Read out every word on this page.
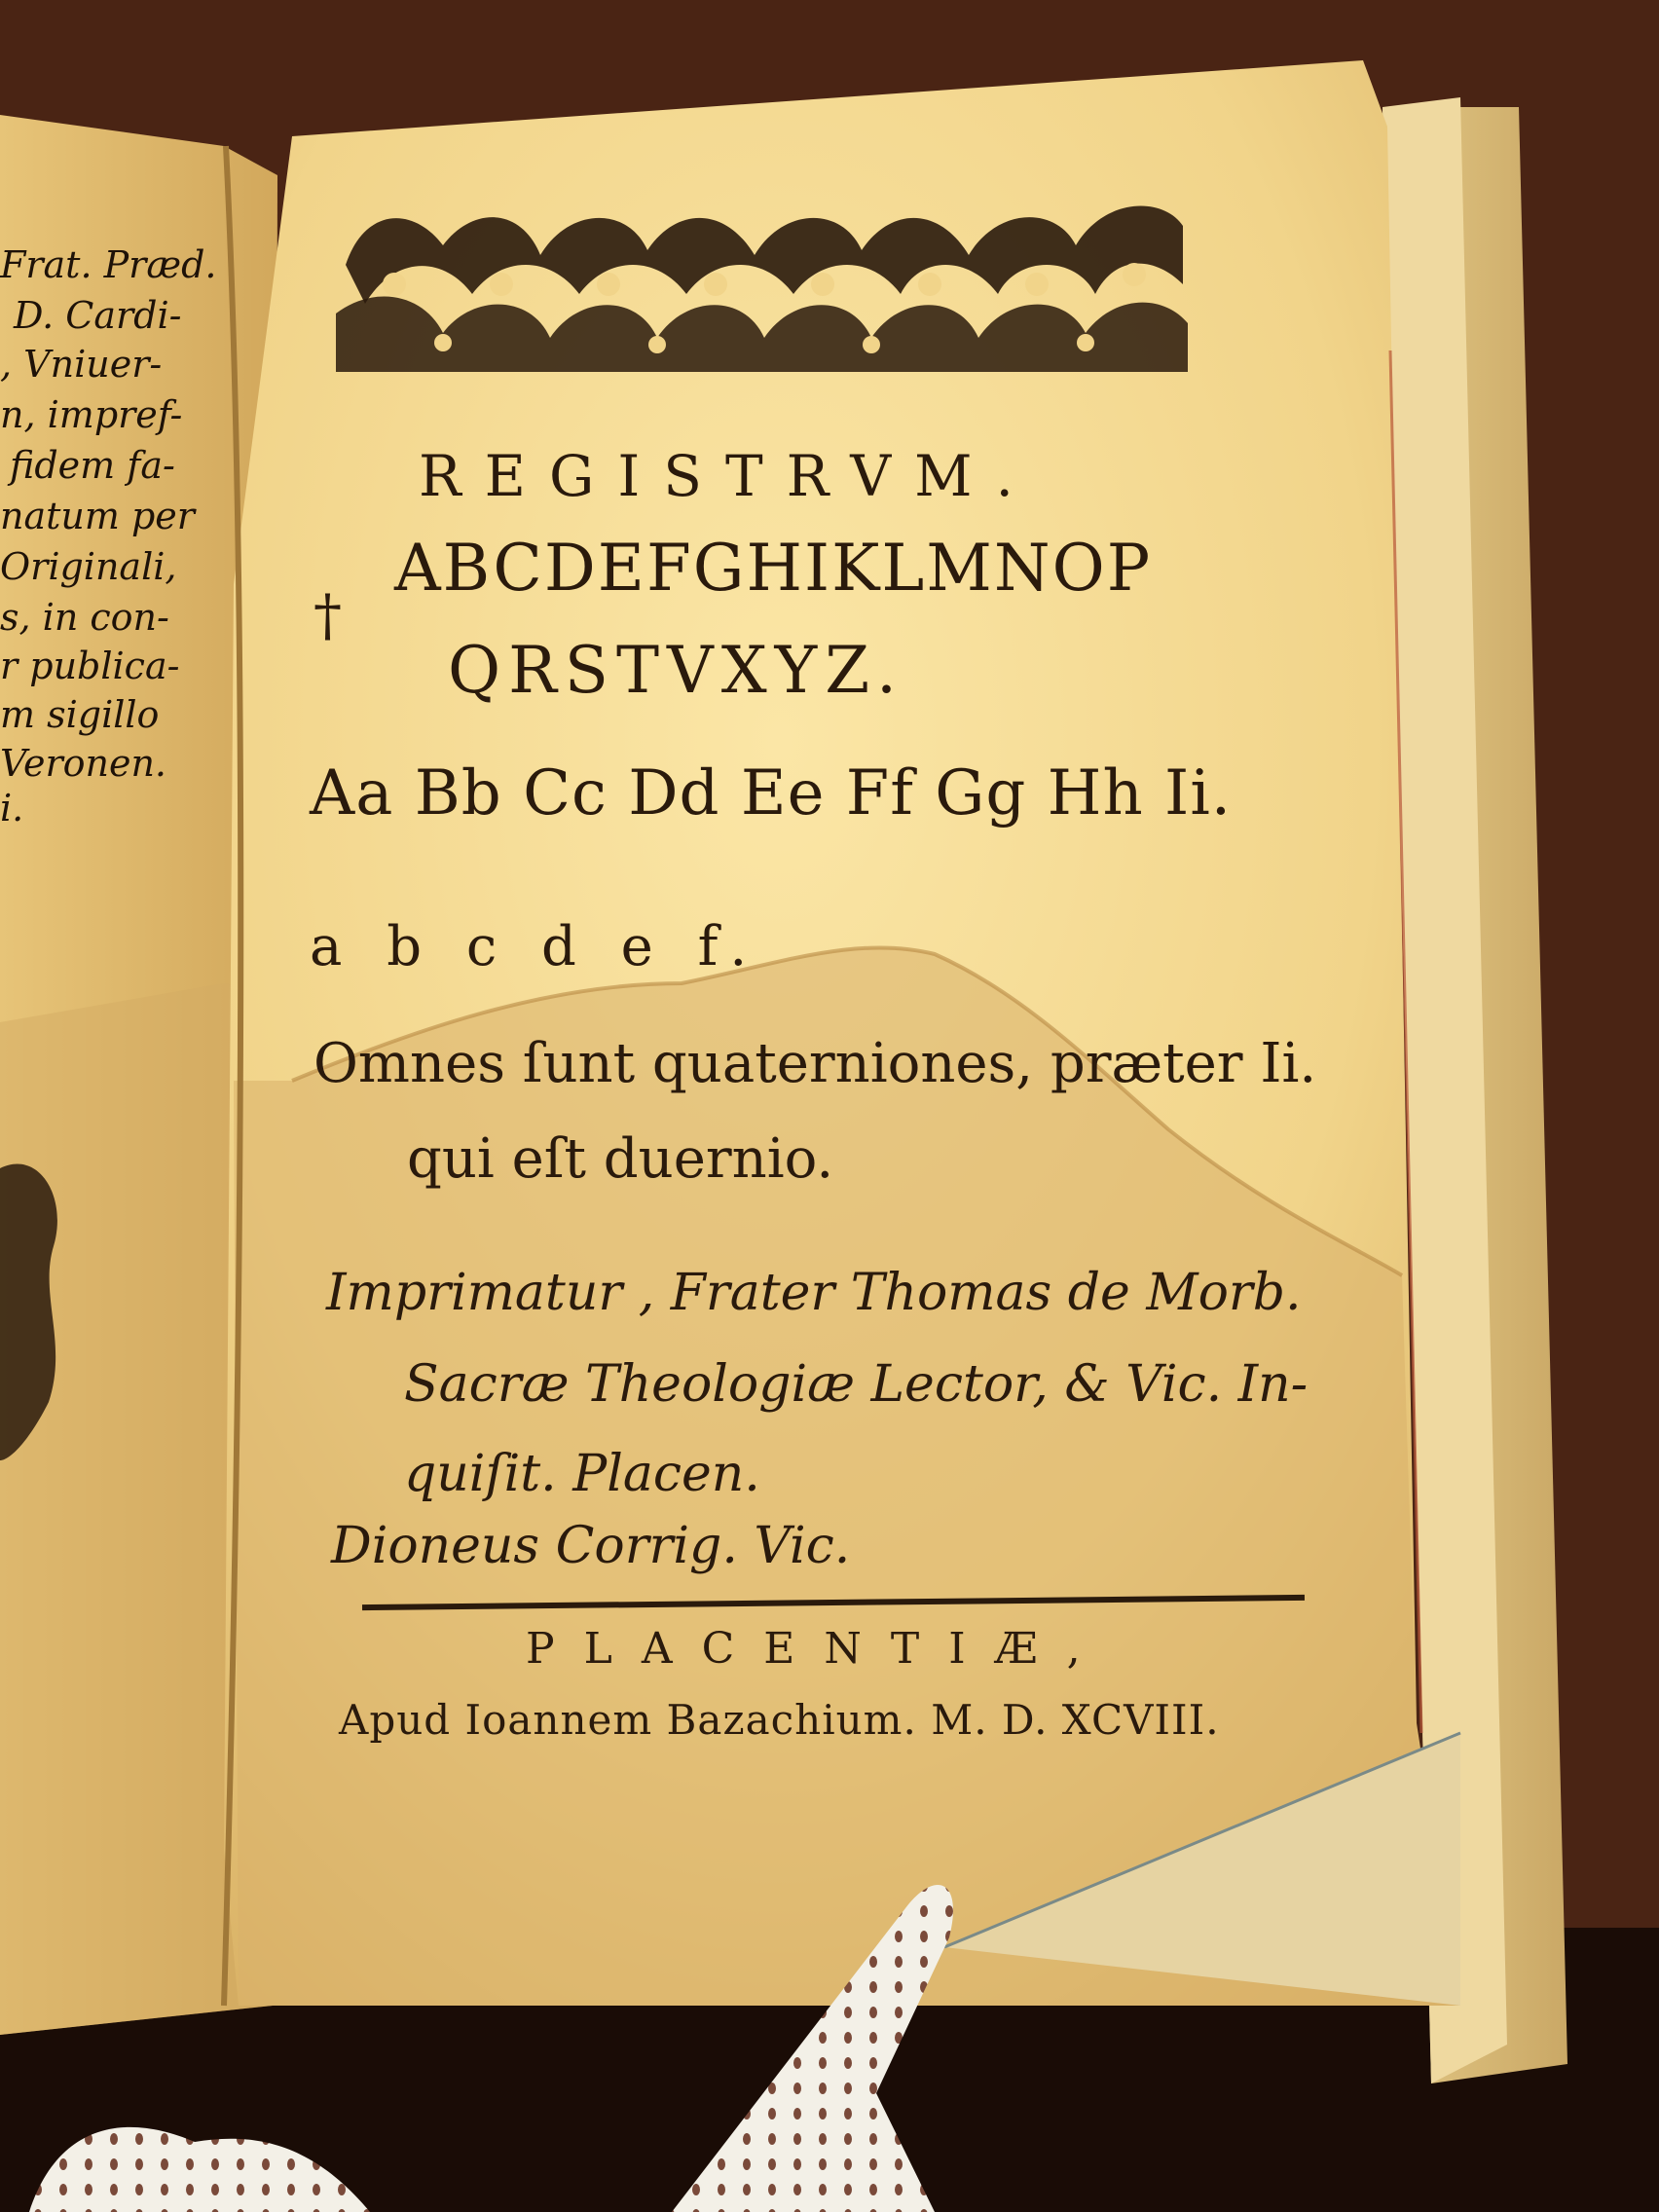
Frat. Præd.
D. Cardi-
, Vniuer-
n, impref-
fidem fa-
natum per
Originali,
s, in con-
r publica-
m sigillo
Veronen.
i.
REGISTRVM.
†
ABCDEFGHIKLMNOP
QRSTVXYZ.
Aa Bb Cc Dd Ee Ff Gg Hh Ii.
a b c d e f.
Omnes ſunt quaterniones, præter Ii.
qui eſt duernio.
Imprimatur , Frater Thomas de Morb.
Sacræ Theologiæ Lector, & Vic. In-
quiſit. Placen.
Dioneus Corrig. Vic.
PLACENTIÆ,
Apud Ioannem Bazachium. M. D. XCVIII.
